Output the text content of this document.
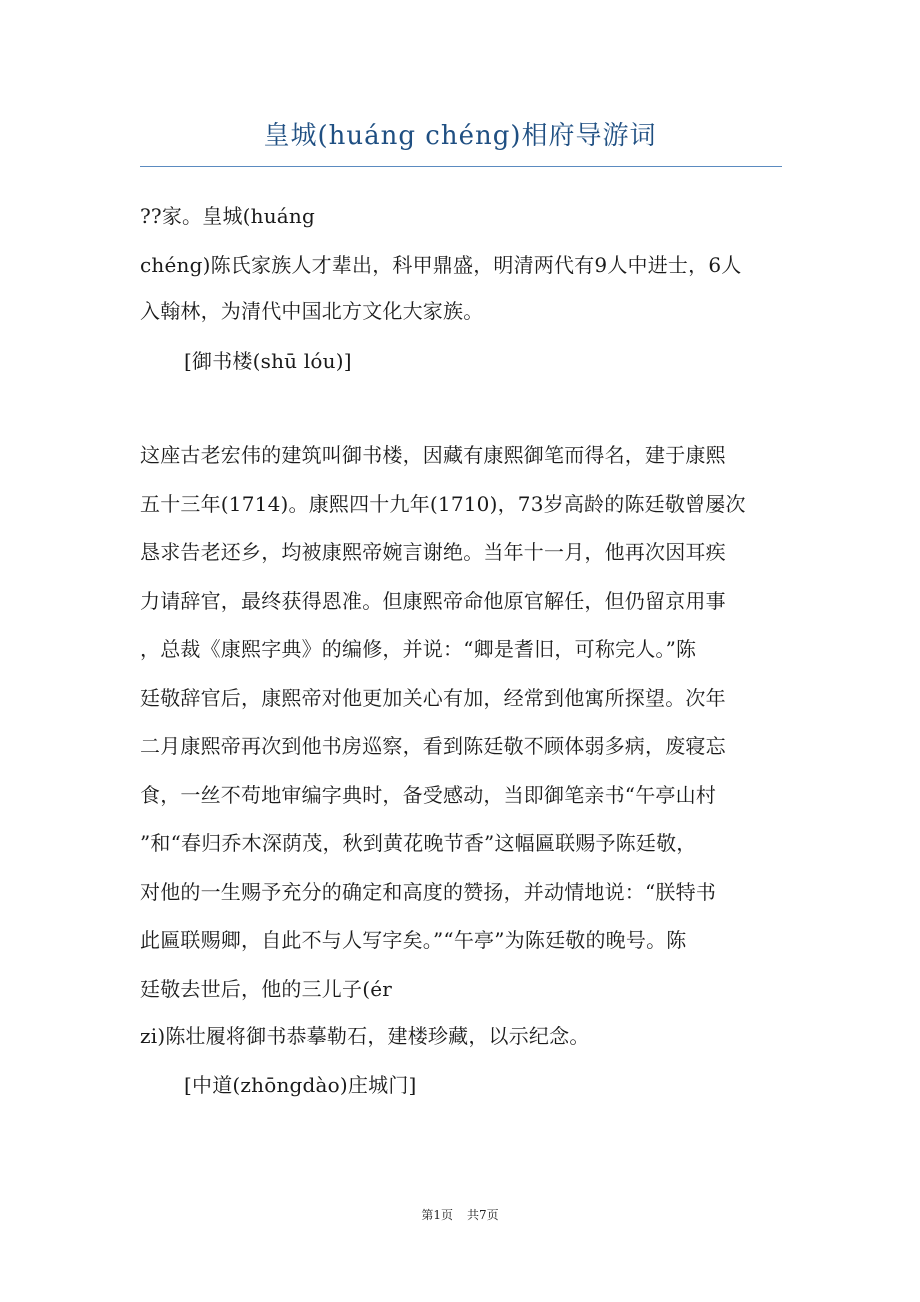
皇城(huáng chéng)相府导游词
??家。皇城(huáng
chéng)陈氏家族人才辈出，科甲鼎盛，明清两代有9人中进士，6人
入翰林，为清代中国北方文化大家族。
[御书楼(shū lóu)]
这座古老宏伟的建筑叫御书楼，因藏有康熙御笔而得名，建于康熙
五十三年(1714)。康熙四十九年(1710)，73岁高龄的陈廷敬曾屡次
恳求告老还乡，均被康熙帝婉言谢绝。当年十一月，他再次因耳疾
力请辞官，最终获得恩准。但康熙帝命他原官解任，但仍留京用事
，总裁《康熙字典》的编修，并说：“卿是耆旧，可称完人。”陈
廷敬辞官后，康熙帝对他更加关心有加，经常到他寓所探望。次年
二月康熙帝再次到他书房巡察，看到陈廷敬不顾体弱多病，废寝忘
食，一丝不苟地审编字典时，备受感动，当即御笔亲书“午亭山村
”和“春归乔木深荫茂，秋到黄花晚节香”这幅匾联赐予陈廷敬，
对他的一生赐予充分的确定和高度的赞扬，并动情地说：“朕特书
此匾联赐卿，自此不与人写字矣。”“午亭”为陈廷敬的晚号。陈
廷敬去世后，他的三儿子(ér
zi)陈壮履将御书恭摹勒石，建楼珍藏，以示纪念。
[中道(zhōngdào)庄城门]
第1页 共7页
